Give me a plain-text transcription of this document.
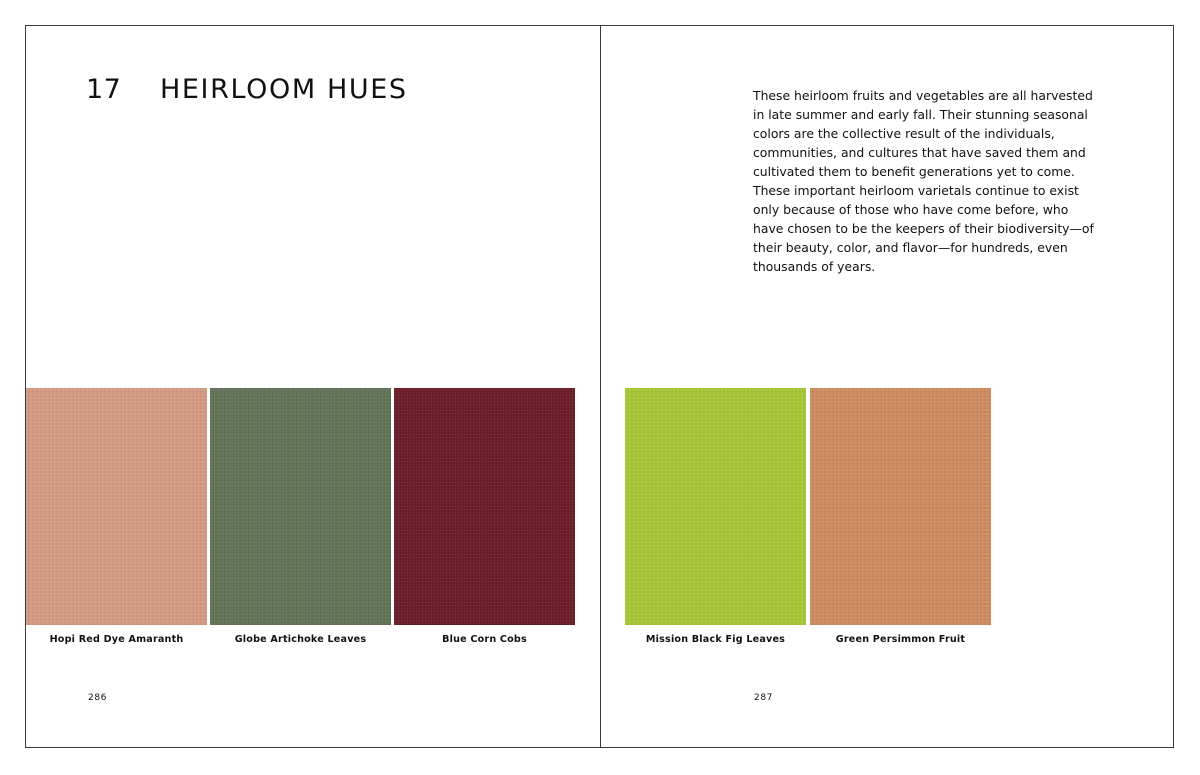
17 HEIRLOOM HUES
Hopi Red Dye Amaranth	Globe Artichoke Leaves	Blue Corn Cobs
286

These heirloom fruits and vegetables are all harvested in late summer and early fall. Their stunning seasonal colors are the collective result of the individuals, communities, and cultures that have saved them and cultivated them to benefit generations yet to come. These important heirloom varietals continue to exist only because of those who have come before, who have chosen to be the keepers of their biodiversity—of their beauty, color, and flavor—for hundreds, even thousands of years.

Mission Black Fig Leaves	Green Persimmon Fruit
287
